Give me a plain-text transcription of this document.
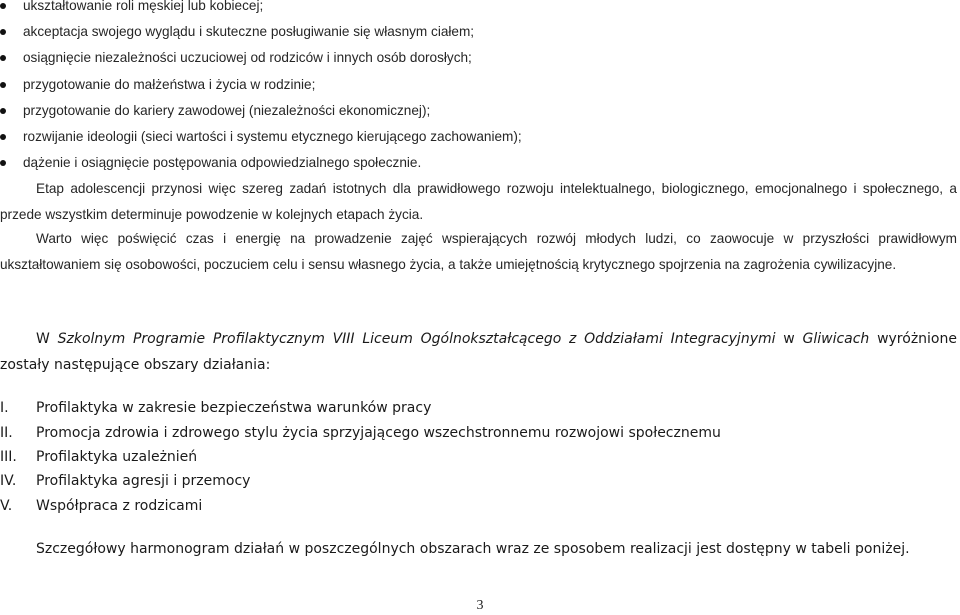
ukształtowanie roli męskiej lub kobiecej;
akceptacja swojego wyglądu i skuteczne posługiwanie się własnym ciałem;
osiągnięcie niezależności uczuciowej od rodziców i innych osób dorosłych;
przygotowanie do małżeństwa i życia w rodzinie;
przygotowanie do kariery zawodowej (niezależności ekonomicznej);
rozwijanie ideologii (sieci wartości i systemu etycznego kierującego zachowaniem);
dążenie i osiągnięcie postępowania odpowiedzialnego społecznie.
Etap adolescencji przynosi więc szereg zadań istotnych dla prawidłowego rozwoju intelektualnego, biologicznego, emocjonalnego i społecznego, a przede wszystkim determinuje powodzenie w kolejnych etapach życia.
Warto więc poświęcić czas i energię na prowadzenie zajęć wspierających rozwój młodych ludzi, co zaowocuje w przyszłości prawidłowym ukształtowaniem się osobowości, poczuciem celu i sensu własnego życia, a także umiejętnością krytycznego spojrzenia na zagrożenia cywilizacyjne.
W Szkolnym Programie Profilaktycznym VIII Liceum Ogólnokształcącego z Oddziałami Integracyjnymi w Gliwicach wyróżnione zostały następujące obszary działania:
I. Profilaktyka w zakresie bezpieczeństwa warunków pracy
II. Promocja zdrowia i zdrowego stylu życia sprzyjającego wszechstronnemu rozwojowi społecznemu
III. Profilaktyka uzależnień
IV. Profilaktyka agresji i przemocy
V. Współpraca z rodzicami
Szczegółowy harmonogram działań w poszczególnych obszarach wraz ze sposobem realizacji jest dostępny w tabeli poniżej.
3
